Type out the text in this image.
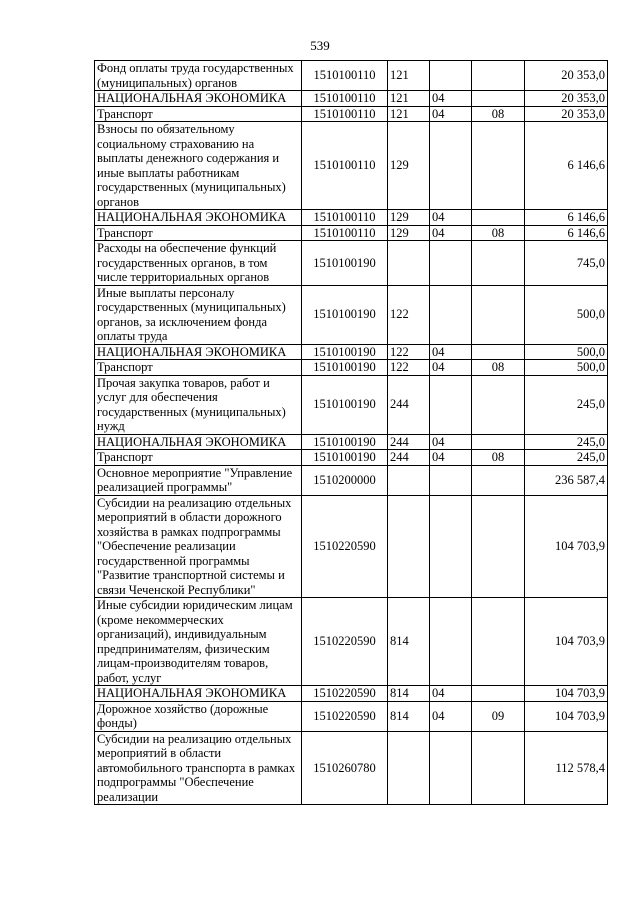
539
Фонд оплаты труда государственных (муниципальных) органов	1510100110	121			20 353,0
НАЦИОНАЛЬНАЯ ЭКОНОМИКА	1510100110	121	04		20 353,0
Транспорт	1510100110	121	04	08	20 353,0
Взносы по обязательному социальному страхованию на выплаты денежного содержания и иные выплаты работникам государственных (муниципальных) органов	1510100110	129			6 146,6
НАЦИОНАЛЬНАЯ ЭКОНОМИКА	1510100110	129	04		6 146,6
Транспорт	1510100110	129	04	08	6 146,6
Расходы на обеспечение функций государственных органов, в том числе территориальных органов	1510100190				745,0
Иные выплаты персоналу государственных (муниципальных) органов, за исключением фонда оплаты труда	1510100190	122			500,0
НАЦИОНАЛЬНАЯ ЭКОНОМИКА	1510100190	122	04		500,0
Транспорт	1510100190	122	04	08	500,0
Прочая закупка товаров, работ и услуг для обеспечения государственных (муниципальных) нужд	1510100190	244			245,0
НАЦИОНАЛЬНАЯ ЭКОНОМИКА	1510100190	244	04		245,0
Транспорт	1510100190	244	04	08	245,0
Основное мероприятие "Управление реализацией программы"	1510200000				236 587,4
Субсидии на реализацию отдельных мероприятий в области дорожного хозяйства в рамках подпрограммы "Обеспечение реализации государственной программы "Развитие транспортной системы и связи Чеченской Республики"	1510220590				104 703,9
Иные субсидии юридическим лицам (кроме некоммерческих организаций), индивидуальным предпринимателям, физическим лицам-производителям товаров, работ, услуг	1510220590	814			104 703,9
НАЦИОНАЛЬНАЯ ЭКОНОМИКА	1510220590	814	04		104 703,9
Дорожное хозяйство (дорожные фонды)	1510220590	814	04	09	104 703,9
Субсидии на реализацию отдельных мероприятий в области автомобильного транспорта в рамках подпрограммы "Обеспечение реализации	1510260780				112 578,4
